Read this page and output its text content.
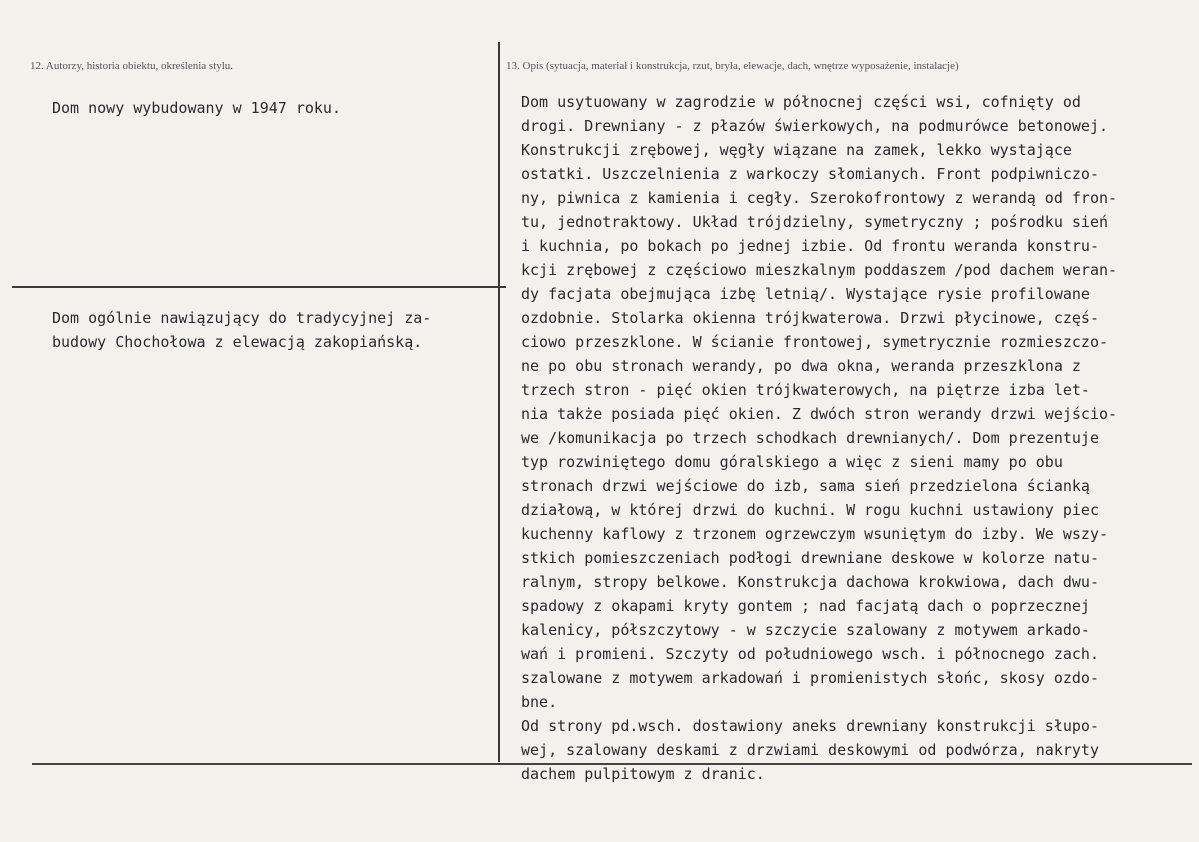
12. Autorzy, historia obiektu, określenia stylu.	13. Opis (sytuacja, materiał i konstrukcja, rzut, bryła, elewacje, dach, wnętrze wyposażenie, instalacje)
Dom nowy wybudowany w 1947 roku.
Dom ogólnie nawiązujący do tradycyjnej za-
budowy Chochołowa z elewacją zakopiańską.
Dom usytuowany w zagrodzie w północnej części wsi, cofnięty od
drogi. Drewniany - z płazów świerkowych, na podmurówce betonowej.
Konstrukcji zrębowej, węgły wiązane na zamek, lekko wystające
ostatki. Uszczelnienia z warkoczy słomianych. Front podpiwniczo-
ny, piwnica z kamienia i cegły. Szerokofrontowy z werandą od fron-
tu, jednotraktowy. Układ trójdzielny, symetryczny ; pośrodku sień
i kuchnia, po bokach po jednej izbie. Od frontu weranda konstru-
kcji zrębowej z częściowo mieszkalnym poddaszem /pod dachem weran-
dy facjata obejmująca izbę letnią/. Wystające rysie profilowane
ozdobnie. Stolarka okienna trójkwaterowa. Drzwi płycinowe, częś-
ciowo przeszklone. W ścianie frontowej, symetrycznie rozmieszczo-
ne po obu stronach werandy, po dwa okna, weranda przeszklona z
trzech stron - pięć okien trójkwaterowych, na piętrze izba let-
nia także posiada pięć okien. Z dwóch stron werandy drzwi wejścio-
we /komunikacja po trzech schodkach drewnianych/. Dom prezentuje
typ rozwiniętego domu góralskiego a więc z sieni mamy po obu
stronach drzwi wejściowe do izb, sama sień przedzielona ścianką
działową, w której drzwi do kuchni. W rogu kuchni ustawiony piec
kuchenny kaflowy z trzonem ogrzewczym wsuniętym do izby. We wszy-
stkich pomieszczeniach podłogi drewniane deskowe w kolorze natu-
ralnym, stropy belkowe. Konstrukcja dachowa krokwiowa, dach dwu-
spadowy z okapami kryty gontem ; nad facjatą dach o poprzecznej
kalenicy, półszczytowy - w szczycie szalowany z motywem arkado-
wań i promieni. Szczyty od południowego wsch. i północnego zach.
szalowane z motywem arkadowań i promienistych słońc, skosy ozdo-
bne.
Od strony pd.wsch. dostawiony aneks drewniany konstrukcji słupo-
wej, szalowany deskami z drzwiami deskowymi od podwórza, nakryty
dachem pulpitowym z dranic.
